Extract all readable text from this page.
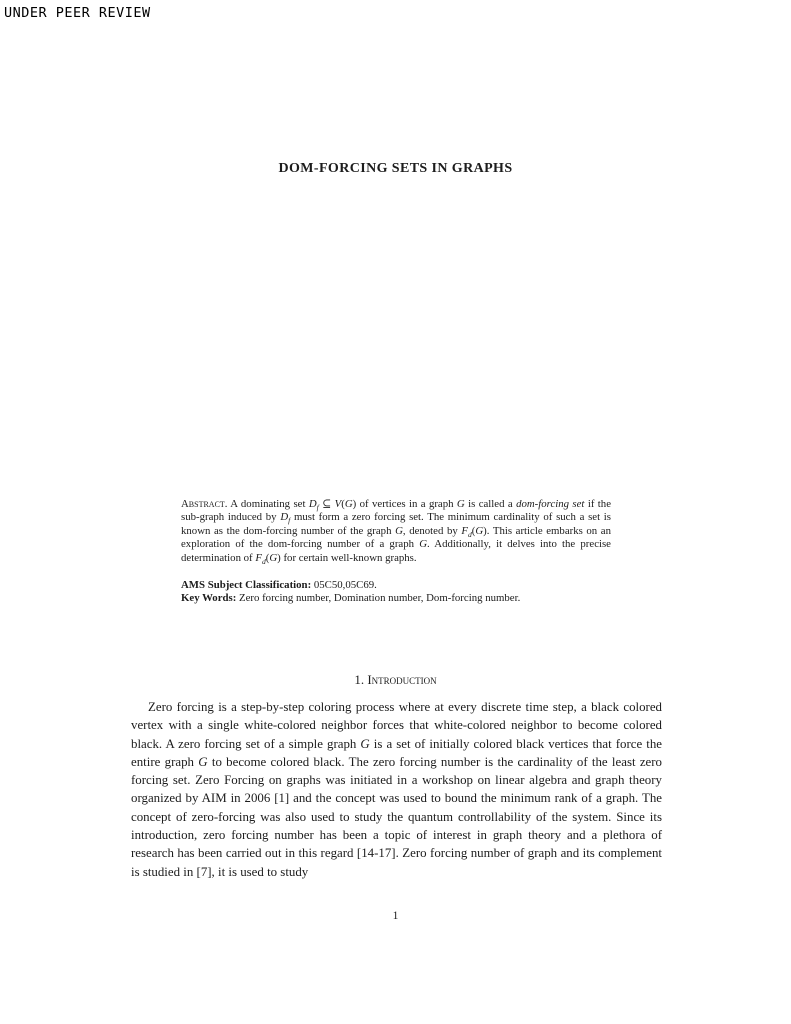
UNDER PEER REVIEW
DOM-FORCING SETS IN GRAPHS

Abstract. A dominating set $D_f$ ⊆ V(G) of vertices in a graph G is called a dom-forcing set if the sub-graph induced by $D_f$ must form a zero forcing set. The minimum cardinality of such a set is known as the dom-forcing number of the graph G, denoted by $F_d(G)$. This article embarks on an exploration of the dom-forcing number of a graph G. Additionally, it delves into the precise determination of $F_d(G)$ for certain well-known graphs.

AMS Subject Classification: 05C50,05C69.

Key Words: Zero forcing number, Domination number, Dom-forcing number.

1. Introduction

Zero forcing is a step-by-step coloring process where at every discrete time step, a black colored vertex with a single white-colored neighbor forces that white-colored neighbor to become colored black. A zero forcing set of a simple graph G is a set of initially colored black vertices that force the entire graph G to become colored black. The zero forcing number is the cardinality of the least zero forcing set. Zero Forcing on graphs was initiated in a workshop on linear algebra and graph theory organized by AIM in 2006 [1] and the concept was used to bound the minimum rank of a graph. The concept of zero-forcing was also used to study the quantum controllability of the system. Since its introduction, zero forcing number has been a topic of interest in graph theory and a plethora of research has been carried out in this regard [14-17]. Zero forcing number of graph and its complement is studied in [7], it is used to study

1
